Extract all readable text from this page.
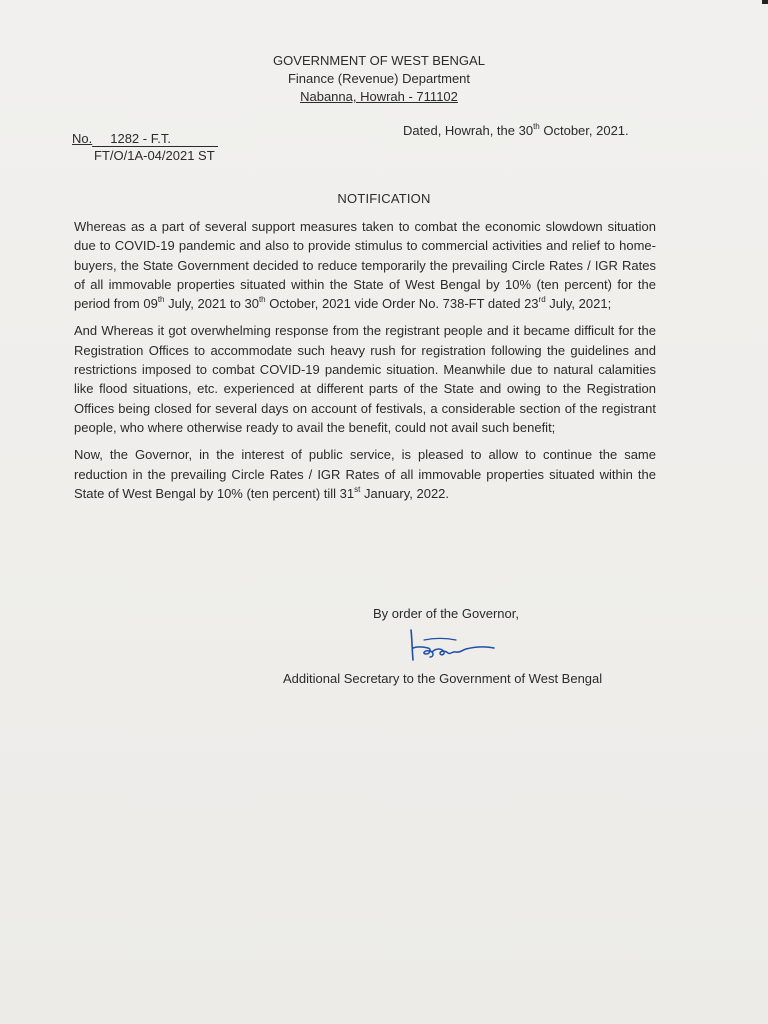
GOVERNMENT OF WEST BENGAL
Finance (Revenue) Department
Nabanna, Howrah - 711102
No. 1282 - F.T.
FT/O/1A-04/2021 ST
Dated, Howrah, the 30th October, 2021.
NOTIFICATION

Whereas as a part of several support measures taken to combat the economic slowdown situation due to COVID-19 pandemic and also to provide stimulus to commercial activities and relief to home-buyers, the State Government decided to reduce temporarily the prevailing Circle Rates / IGR Rates of all immovable properties situated within the State of West Bengal by 10% (ten percent) for the period from 09th July, 2021 to 30th October, 2021 vide Order No. 738-FT dated 23rd July, 2021;

And Whereas it got overwhelming response from the registrant people and it became difficult for the Registration Offices to accommodate such heavy rush for registration following the guidelines and restrictions imposed to combat COVID-19 pandemic situation. Meanwhile due to natural calamities like flood situations, etc. experienced at different parts of the State and owing to the Registration Offices being closed for several days on account of festivals, a considerable section of the registrant people, who where otherwise ready to avail the benefit, could not avail such benefit;

Now, the Governor, in the interest of public service, is pleased to allow to continue the same reduction in the prevailing Circle Rates / IGR Rates of all immovable properties situated within the State of West Bengal by 10% (ten percent) till 31st January, 2022.

By order of the Governor,
Additional Secretary to the Government of West Bengal
